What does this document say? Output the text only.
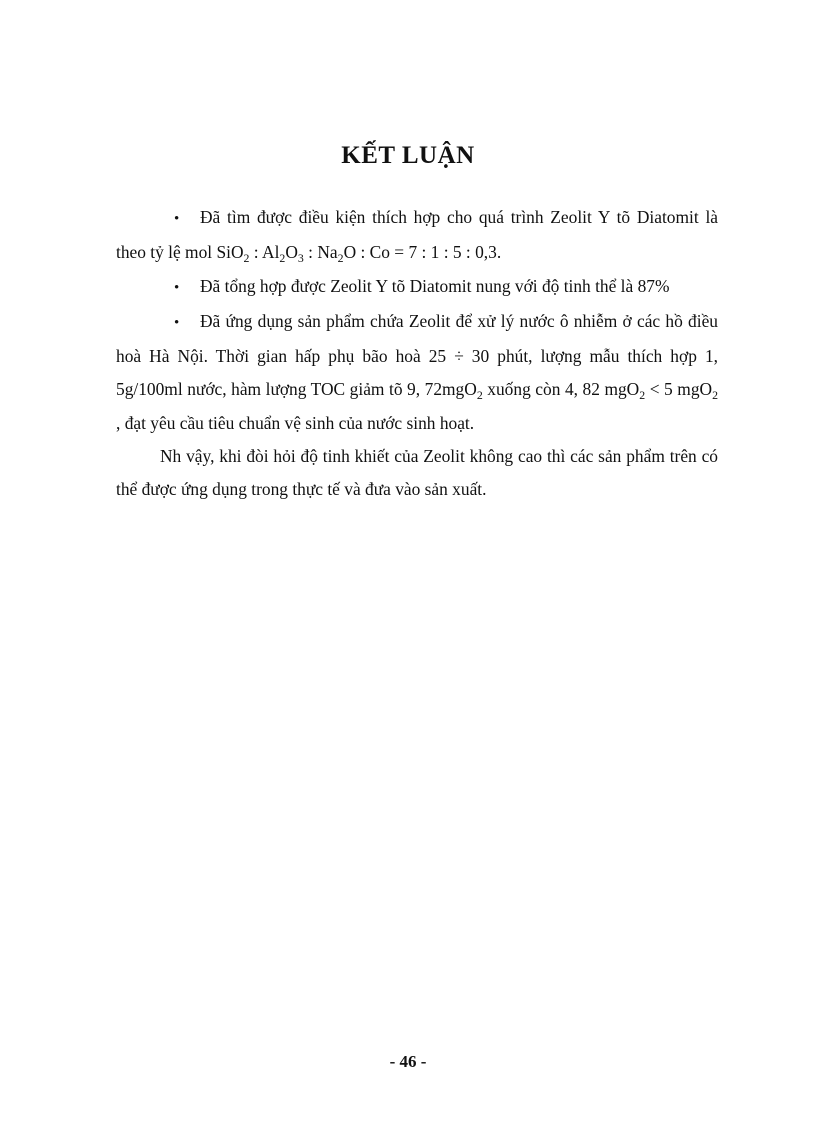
KẾT LUẬN

• Đã tìm được điều kiện thích hợp cho quá trình Zeolit Y tõ Diatomit là theo tỷ lệ mol SiO$_2$ : $Al_2O_3$ : $Na_2O$ : Co = 7 : 1 : 5 : 0,3.

• Đã tổng hợp được Zeolit Y tõ Diatomit nung với độ tinh thể là 87%

• Đã ứng dụng sản phẩm chứa Zeolit để xử lý nước ô nhiễm ở các hồ điều hoà Hà Nội. Thời gian hấp phụ bão hoà 25 ÷ 30 phút, lượng mẫu thích hợp 1, 5g/100ml nước, hàm lượng TOC giảm tõ 9, 72mgO$_2$ xuống còn 4, 82 mgO$_2$ < 5 mgO$_2$ , đạt yêu cầu tiêu chuẩn vệ sinh của nước sinh hoạt.

Nh vậy, khi đòi hỏi độ tinh khiết của Zeolit không cao thì các sản phẩm trên có thể được ứng dụng trong thực tế và đưa vào sản xuất.

- 46 -
